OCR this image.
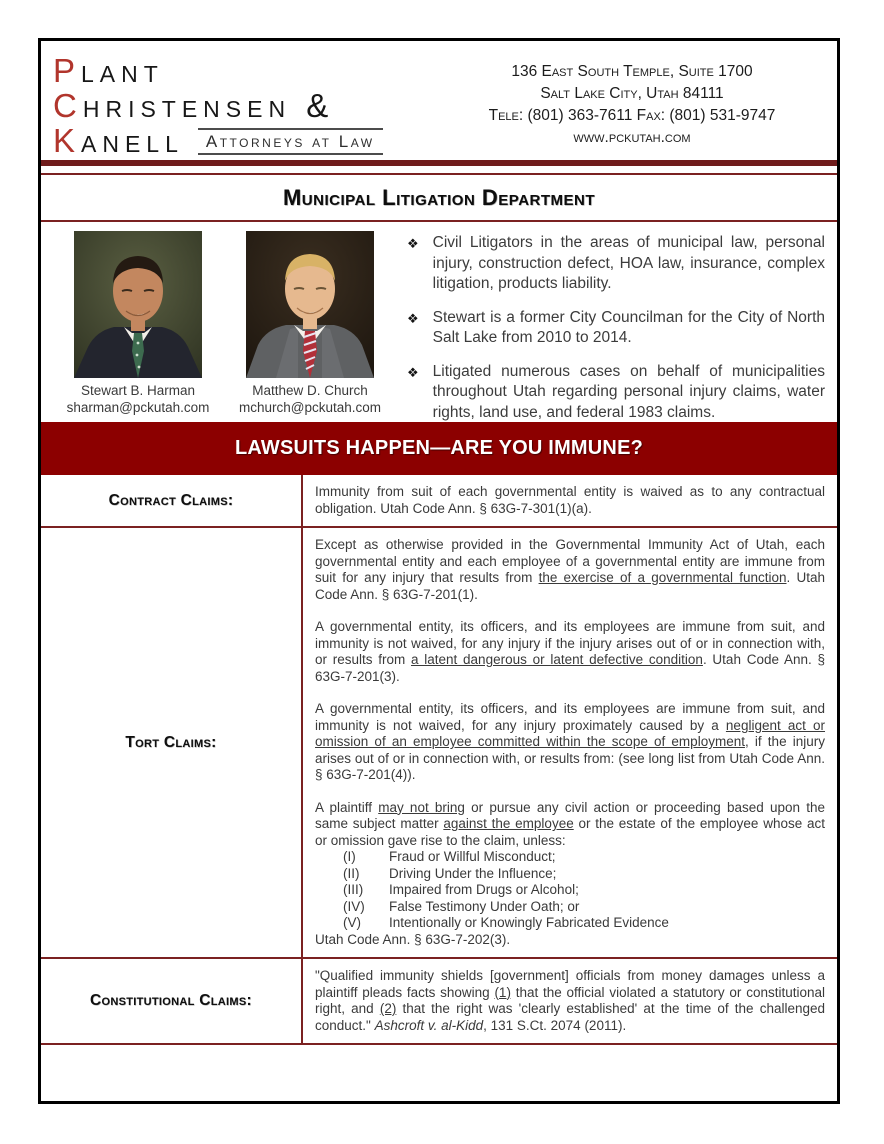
Plant
Christensen &
Kanell	Attorneys at Law
136 East South Temple, Suite 1700
Salt Lake City, Utah 84111
Tele: (801) 363-7611 Fax: (801) 531-9747
www.pckutah.com
Municipal Litigation Department
Stewart B. Harman
sharman@pckutah.com
Matthew D. Church
mchurch@pckutah.com
❖ Civil Litigators in the areas of municipal law, personal injury, construction defect, HOA law, insurance, complex litigation, products liability.
❖ Stewart is a former City Councilman for the City of North Salt Lake from 2010 to 2014.
❖ Litigated numerous cases on behalf of municipalities throughout Utah regarding personal injury claims, water rights, land use, and federal 1983 claims.
LAWSUITS HAPPEN—ARE YOU IMMUNE?
Contract Claims:	Immunity from suit of each governmental entity is waived as to any contractual obligation. Utah Code Ann. § 63G-7-301(1)(a).

Tort Claims:

Except as otherwise provided in the Governmental Immunity Act of Utah, each governmental entity and each employee of a governmental entity are immune from suit for any injury that results from the exercise of a governmental function. Utah Code Ann. § 63G-7-201(1).

A governmental entity, its officers, and its employees are immune from suit, and immunity is not waived, for any injury if the injury arises out of or in connection with, or results from a latent dangerous or latent defective condition. Utah Code Ann. § 63G-7-201(3).

A governmental entity, its officers, and its employees are immune from suit, and immunity is not waived, for any injury proximately caused by a negligent act or omission of an employee committed within the scope of employment, if the injury arises out of or in connection with, or results from: (see long list from Utah Code Ann. § 63G-7-201(4)).

A plaintiff may not bring or pursue any civil action or proceeding based upon the same subject matter against the employee or the estate of the employee whose act or omission gave rise to the claim, unless:

(I)	Fraud or Willful Misconduct;
(II)	Driving Under the Influence;
(III)	Impaired from Drugs or Alcohol;
(IV)	False Testimony Under Oath; or
(V)	Intentionally or Knowingly Fabricated Evidence
Utah Code Ann. § 63G-7-202(3).
Constitutional Claims:

"Qualified immunity shields [government] officials from money damages unless a plaintiff pleads facts showing (1) that the official violated a statutory or constitutional right, and (2) that the right was 'clearly established' at the time of the challenged conduct." Ashcroft v. al-Kidd, 131 S.Ct. 2074 (2011).
